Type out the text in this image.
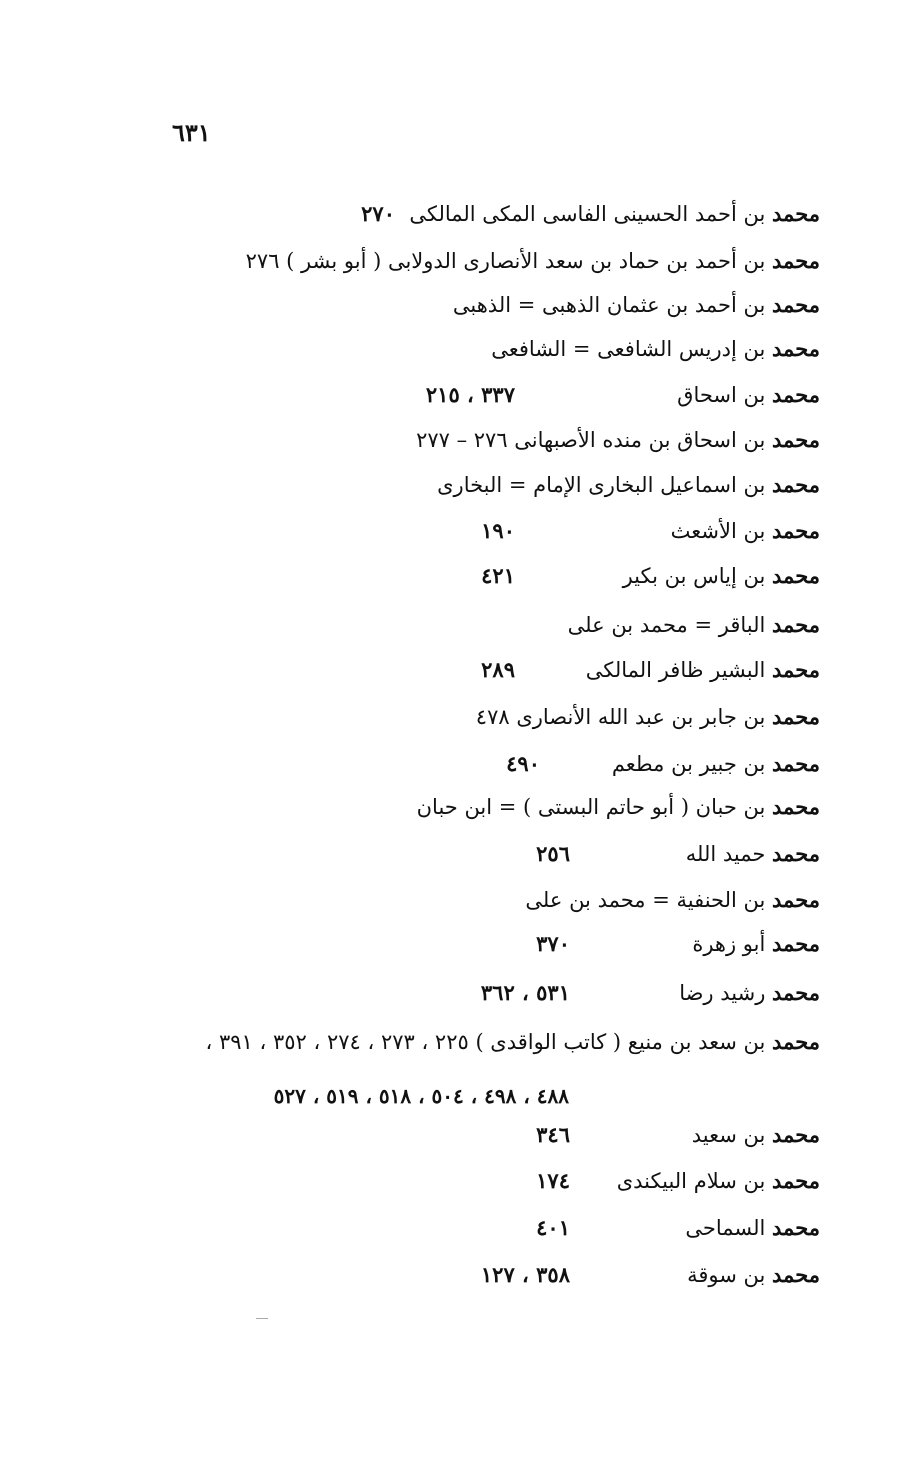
٦٣١
محمد بن أحمد الحسينى الفاسى المكى المالكى
٢٧٠
محمد بن أحمد بن حماد بن سعد الأنصارى الدولابى ( أبو بشر ) ٢٧٦
محمد بن أحمد بن عثمان الذهبى = الذهبى
محمد بن إدريس الشافعى = الشافعى
محمد بن اسحاق
٣٣٧ ، ٢١٥
محمد بن اسحاق بن منده الأصبهانى ٢٧٦ – ٢٧٧
محمد بن اسماعيل البخارى الإمام = البخارى
محمد بن الأشعث
١٩٠
محمد بن إياس بن بكير
٤٢١
محمد الباقر = محمد بن على
محمد البشير ظافر المالكى
٢٨٩
محمد بن جابر بن عبد الله الأنصارى ٤٧٨
محمد بن جبير بن مطعم
٤٩٠
محمد بن حبان ( أبو حاتم البستى ) = ابن حبان
محمد حميد الله
٢٥٦
محمد بن الحنفية = محمد بن على
محمد أبو زهرة
٣٧٠
محمد رشيد رضا
٥٣١ ، ٣٦٢
محمد بن سعد بن منيع ( كاتب الواقدى ) ٢٢٥ ، ٢٧٣ ، ٢٧٤ ، ٣٥٢ ، ٣٩١ ،
محمد بن سعيد
٣٤٦
محمد بن سلام البيكندى
١٧٤
محمد السماحى
٤٠١
محمد بن سوقة
٣٥٨ ، ١٢٧
٤٨٨ ، ٤٩٨ ، ٥٠٤ ، ٥١٨ ، ٥١٩ ، ٥٢٧
